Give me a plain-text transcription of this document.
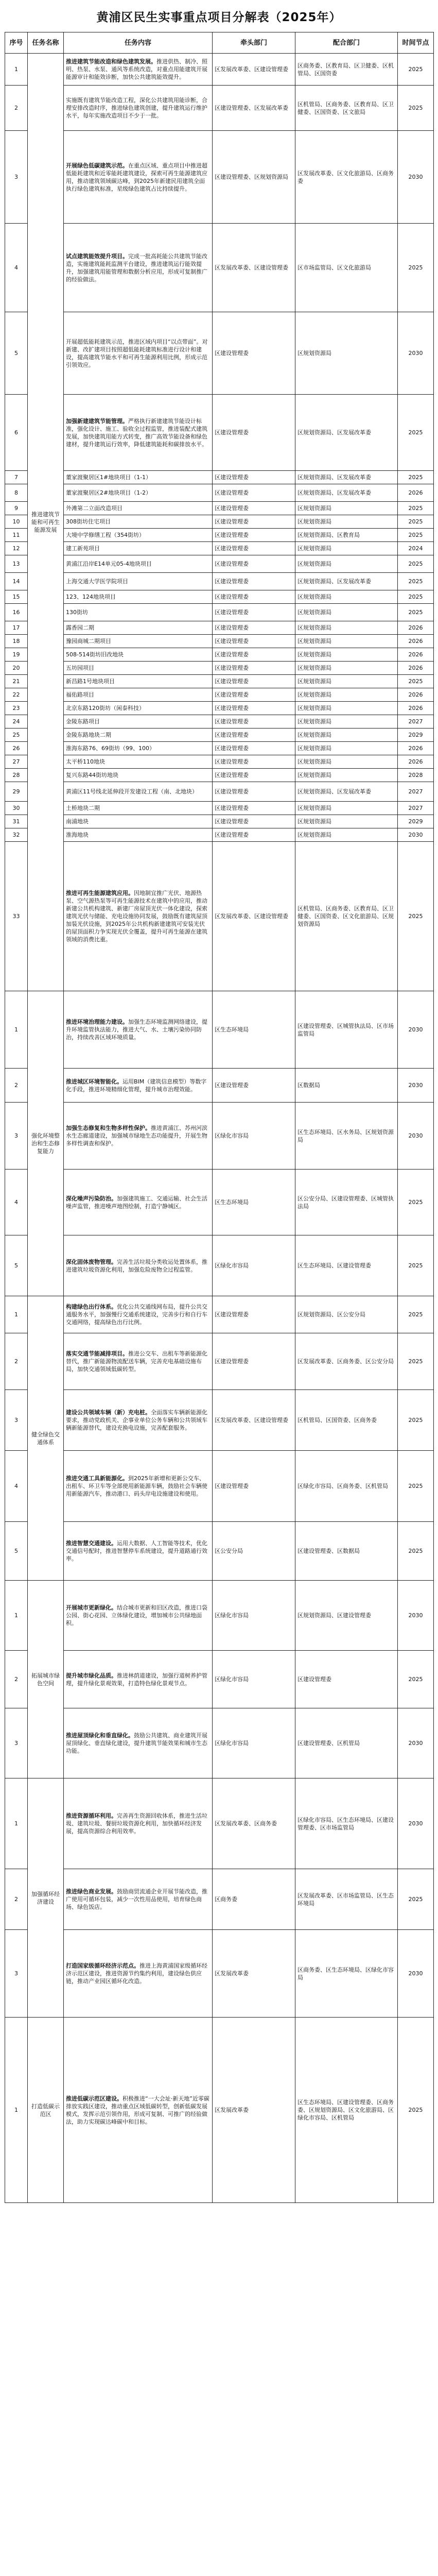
黄浦区民生实事重点项目分解表（2025年）
序号	任务名称	任务内容	牵头部门	配合部门	时间节点
1	推进建筑节能和可再生能源发展	推进建筑节能改造和绿色建筑发展。推进供热、制冷、照明、热泵、水泵、通风等系统改造，对重点用能建筑开展能源审计和能效诊断，加快公共建筑能效提升。	区发展改革委、区建设管理委	区商务委、区教育局、区卫健委、区机管局、区国资委	2025
2		实施既有建筑节能改造工程，深化公共建筑用能诊断，合理安排改造时序，推进绿色建筑创建，提升建筑运行维护水平，每年实施改造项目不少于一批。	区建设管理委、区发展改革委	区机管局、区商务委、区教育局、区卫健委、区国资委、区文旅局	2025
3		开展绿色低碳建筑示范。在重点区域、重点项目中推进超低能耗建筑和近零能耗建筑建设，探索可再生能源建筑应用，推动建筑领域碳达峰，到2025年新建民用建筑全面执行绿色建筑标准，星级绿色建筑占比持续提升。	区建设管理委、区规划资源局	区发展改革委、区文化旅游局、区商务委	2030
4		试点建筑能效提升项目。完成一批高耗能公共建筑节能改造，实施建筑能耗监测平台建设，推进建筑运行能效提升，加强建筑用能管理和数据分析应用，形成可复制推广的经验做法。	区发展改革委、区建设管理委	区市场监管局、区文化旅游局	2025
5		开展超低能耗建筑示范，推进区域内项目“以点带面”。对新建、改扩建项目按照超低能耗建筑标准进行设计和建设，提高建筑节能水平和可再生能源利用比例，形成示范引领效应。	区建设管理委	区规划资源局	2030
6		加强新建建筑节能管理。严格执行新建建筑节能设计标准，强化设计、施工、验收全过程监管，推进装配式建筑发展，加快建筑用能方式转变，推广高效节能设备和绿色建材，提升建筑运行效率，降低建筑能耗和碳排放水平。	区建设管理委	区规划资源局、区发展改革委	2025
7		董家渡聚居区1#地块项目（1-1）	区建设管理委	区规划资源局、区发展改革委	2025
8		董家渡聚居区2#地块项目（1-2）	区建设管理委	区规划资源局、区发展改革委	2026
9		外滩第二立面改造项目	区建设管理委	区规划资源局	2025
10		308街坊住宅项目	区建设管理委	区规划资源局	2025
11		大境中学修缮工程（354街坊）	区建设管理委	区规划资源局、区教育局	2025
12		建工新苑项目	区建设管理委	区规划资源局	2024
13		黄浦江沿岸E14单元05-4地块项目	区建设管理委	区规划资源局	2025
14		上海交通大学医学院项目	区建设管理委	区规划资源局、区发展改革委	2025
15		123、124地块项目	区建设管理委	区规划资源局	2025
16		130街坊	区建设管理委	区规划资源局	2025
17		露香园二期	区建设管理委	区规划资源局	2026
18		豫园商城二期项目	区建设管理委	区规划资源局	2026
19		508-514街坊旧改地块	区建设管理委	区规划资源局	2026
20		五坊园项目	区建设管理委	区规划资源局	2026
21		新昌路1号地块项目	区建设管理委	区规划资源局	2025
22		福佑路项目	区建设管理委	区规划资源局	2026
23		北京东路120街坊（闲泰科技）	区建设管理委	区规划资源局	2026
24		金陵东路项目	区建设管理委	区规划资源局	2027
25		金陵东路地块二期	区建设管理委	区规划资源局	2029
26		淮海东路76、69街坊（99、100）	区建设管理委	区规划资源局	2026
27		太平桥110地块	区建设管理委	区规划资源局	2026
28		复兴东路44街坊地块	区建设管理委	区规划资源局	2028
29		黄浦区11号线北延伸段开发建设工程（南、北地块）	区建设管理委	区规划资源局、区发展改革委	2027
30		土桥地块二期	区建设管理委	区规划资源局	2027
31		南浦地块	区建设管理委	区规划资源局	2029
32		淮海地块	区建设管理委	区规划资源局	2030
33		推进可再生能源建筑应用。因地制宜推广光伏、地源热泵、空气源热泵等可再生能源技术在建筑中的应用，推动新建公共机构建筑、新建厂房屋顶光伏一体化建设，探索建筑光伏与储能、充电设施协同发展，鼓励既有建筑屋顶加装光伏设施，到2025年公共机构新建建筑可安装光伏的屋顶面积力争实现光伏全覆盖，提升可再生能源在建筑领域的消费比重。	区发展改革委、区建设管理委	区机管局、区商务委、区教育局、区卫健委、区国资委、区文化旅游局、区规划资源局	2025
1	强化环境整治和生态修复能力	推进环境治理能力建设。加强生态环境监测网络建设，提升环境监管执法能力，推进大气、水、土壤污染协同防治，持续改善区域环境质量。	区生态环境局	区建设管理委、区城管执法局、区市场监管局	2030
2		推进城区环境智能化。运用BIM（建筑信息模型）等数字化手段，推进环境精细化管理，提升城市治理效能。	区建设管理委	区数据局	2030
3		加强生态修复和生物多样性保护。推进黄浦江、苏州河滨水生态廊道建设，加强城市绿地生态功能提升，开展生物多样性调查和保护。	区绿化市容局	区生态环境局、区水务局、区规划资源局	2030
4		深化噪声污染防治。加强建筑施工、交通运输、社会生活噪声监管，推进噪声地图绘制，打造宁静城区。	区生态环境局	区公安分局、区建设管理委、区城管执法局	2025
5		深化固体废物管理。完善生活垃圾分类收运处置体系，推进建筑垃圾资源化利用，加强危险废物全过程监管。	区绿化市容局	区生态环境局、区建设管理委	2025
1	健全绿色交通体系	构建绿色出行体系。优化公共交通线网布局，提升公共交通服务水平，加强慢行交通系统建设，完善步行和自行车交通网络，提高绿色出行比例。	区建设管理委	区规划资源局、区公安分局	2025
2		落实交通节能减排项目。推进公交车、出租车等新能源化替代，推广新能源物流配送车辆，完善充电基础设施布局，加快交通领域低碳转型。	区建设管理委	区发展改革委、区商务委、区公安分局	2025
3		建设公共领域车辆（新）充电桩。全面落实车辆新能源化要求，推动党政机关、企事业单位公务车辆和公共领域车辆新能源替代，建设充换电设施，完善配套服务。	区发展改革委、区建设管理委	区机管局、区国资委、区商务委	2025
4		推进交通工具新能源化。到2025年新增和更新公交车、出租车、环卫车等全部使用新能源车辆，鼓励社会车辆使用新能源汽车，推动港口、码头岸电设施建设和使用。	区建设管理委	区绿化市容局、区商务委、区机管局	2025
5		推进智慧交通建设。运用大数据、人工智能等技术，优化交通信号配时，推进智慧停车系统建设，提升道路通行效率。	区公安分局	区建设管理委、区数据局	2025
1	拓展城市绿色空间	开展城市更新绿化。结合城市更新和旧区改造，推进口袋公园、街心花园、立体绿化建设，增加城市公共绿地面积。	区绿化市容局	区规划资源局、区建设管理委	2030
2		提升城市绿化品质。推进林荫道建设，加强行道树养护管理，提升绿化景观效果，打造特色绿化景观节点。	区绿化市容局	区建设管理委	2025
3		推进屋顶绿化和垂直绿化。鼓励公共建筑、商业建筑开展屋顶绿化、垂直绿化建设，提升建筑节能效果和城市生态功能。	区绿化市容局	区建设管理委、区机管局	2030
1	加强循环经济建设	推进资源循环利用。完善再生资源回收体系，推进生活垃圾、建筑垃圾、餐厨垃圾资源化利用，加快循环经济发展，提高资源综合利用效率。	区发展改革委、区商务委	区绿化市容局、区生态环境局、区建设管理委、区市场监管局	2030
2		推进绿色商业发展。鼓励商贸流通企业开展节能改造，推广使用可循环包装，减少一次性用品使用，培育绿色商场、绿色饭店。	区商务委	区发展改革委、区市场监管局、区生态环境局	2025
3		打造国家级循环经济示范点。推进上海黄浦国家级循环经济示范区建设，推进资源节约集约利用，建设绿色供应链，推动产业园区循环化改造。	区发展改革委	区商务委、区生态环境局、区绿化市容局	2030
1	打造低碳示范区	推进低碳示范区建设。积极推进“一大会址·新天地”近零碳排放实践区建设，推动重点区域低碳转型，创新低碳发展模式，发挥示范引领作用，形成可复制、可推广的经验做法，助力实现碳达峰碳中和目标。	区发展改革委	区生态环境局、区建设管理委、区商务委、区规划资源局、区文化旅游局、区绿化市容局、区机管局	2025
